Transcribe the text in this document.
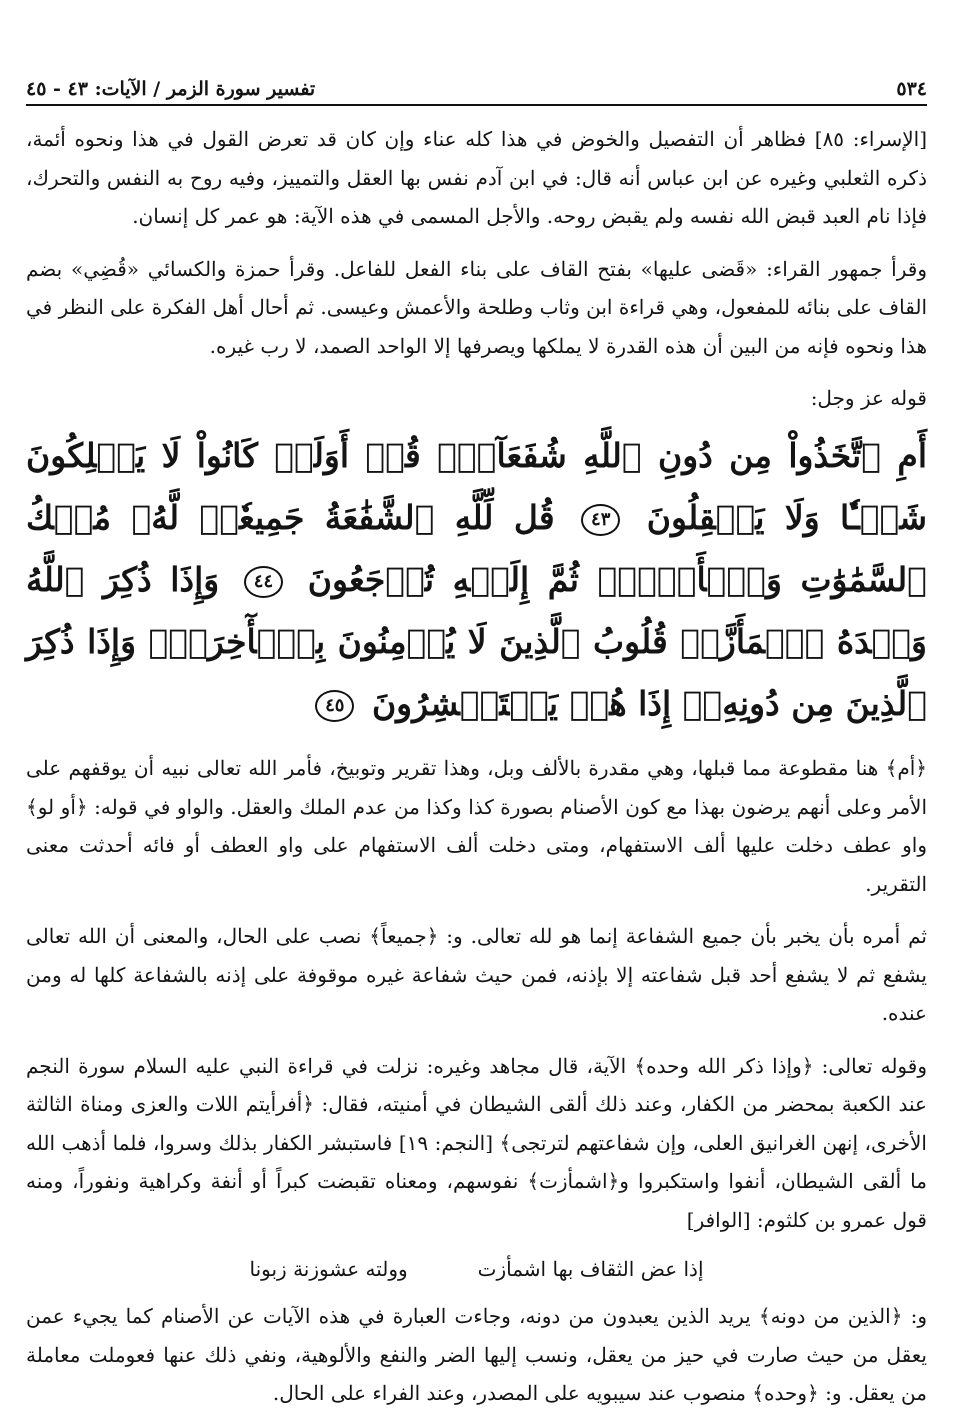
٥٣٤
تفسير سورة الزمر / الآيات: ٤٣ - ٤٥

[الإسراء: ٨٥] فظاهر أن التفصيل والخوض في هذا كله عناء وإن كان قد تعرض القول في هذا ونحوه أئمة، ذكره الثعلبي وغيره عن ابن عباس أنه قال: في ابن آدم نفس بها العقل والتمييز، وفيه روح به النفس والتحرك، فإذا نام العبد قبض الله نفسه ولم يقبض روحه. والأجل المسمى في هذه الآية: هو عمر كل إنسان.

وقرأ جمهور القراء: «قَضى عليها» بفتح القاف على بناء الفعل للفاعل. وقرأ حمزة والكسائي «قُضِي» بضم القاف على بنائه للمفعول، وهي قراءة ابن وثاب وطلحة والأعمش وعيسى. ثم أحال أهل الفكرة على النظر في هذا ونحوه فإنه من البين أن هذه القدرة لا يملكها ويصرفها إلا الواحد الصمد، لا رب غيره.

قوله عز وجل:
أَمِ ٱتَّخَذُواْ مِن دُونِ ٱللَّهِ شُفَعَآءَۚ قُلۡ أَوَلَوۡ كَانُواْ لَا يَمۡلِكُونَ شَيۡـٔٗا وَلَا يَعۡقِلُونَ ٤٣ قُل لِّلَّهِ ٱلشَّفَٰعَةُ جَمِيعٗاۖ لَّهُۥ مُلۡكُ ٱلسَّمَٰوَٰتِ وَٱلۡأَرۡضِۖ ثُمَّ إِلَيۡهِ تُرۡجَعُونَ ٤٤ وَإِذَا ذُكِرَ ٱللَّهُ وَحۡدَهُ ٱشۡمَأَزَّتۡ قُلُوبُ ٱلَّذِينَ لَا يُؤۡمِنُونَ بِٱلۡأٓخِرَةِۖ وَإِذَا ذُكِرَ ٱلَّذِينَ مِن دُونِهِۦٓ إِذَا هُمۡ يَسۡتَبۡشِرُونَ ٤٥

﴿أم﴾ هنا مقطوعة مما قبلها، وهي مقدرة بالألف وبل، وهذا تقرير وتوبيخ، فأمر الله تعالى نبيه أن يوقفهم على الأمر وعلى أنهم يرضون بهذا مع كون الأصنام بصورة كذا وكذا من عدم الملك والعقل. والواو في قوله: ﴿أو لو﴾ واو عطف دخلت عليها ألف الاستفهام، ومتى دخلت ألف الاستفهام على واو العطف أو فائه أحدثت معنى التقرير.

ثم أمره بأن يخبر بأن جميع الشفاعة إنما هو لله تعالى. و: ﴿جميعاً﴾ نصب على الحال، والمعنى أن الله تعالى يشفع ثم لا يشفع أحد قبل شفاعته إلا بإذنه، فمن حيث شفاعة غيره موقوفة على إذنه بالشفاعة كلها له ومن عنده.

وقوله تعالى: ﴿وإذا ذكر الله وحده﴾ الآية، قال مجاهد وغيره: نزلت في قراءة النبي عليه السلام سورة النجم عند الكعبة بمحضر من الكفار، وعند ذلك ألقى الشيطان في أمنيته، فقال: ﴿أفرأيتم اللات والعزى ومناة الثالثة الأخرى، إنهن الغرانيق العلى، وإن شفاعتهم لترتجى﴾ [النجم: ١٩] فاستبشر الكفار بذلك وسروا، فلما أذهب الله ما ألقى الشيطان، أنفوا واستكبروا و﴿اشمأزت﴾ نفوسهم، ومعناه تقبضت كبراً أو أنفة وكراهية ونفوراً، ومنه قول عمرو بن كلثوم: [الوافر]

إذا عض الثقاف بها اشمأزت
وولته عشوزنة زبونا

و: ﴿الذين من دونه﴾ يريد الذين يعبدون من دونه، وجاءت العبارة في هذه الآيات عن الأصنام كما يجيء عمن يعقل من حيث صارت في حيز من يعقل، ونسب إليها الضر والنفع والألوهية، ونفي ذلك عنها فعوملت معاملة من يعقل. و: ﴿وحده﴾ منصوب عند سيبويه على المصدر، وعند الفراء على الحال.
